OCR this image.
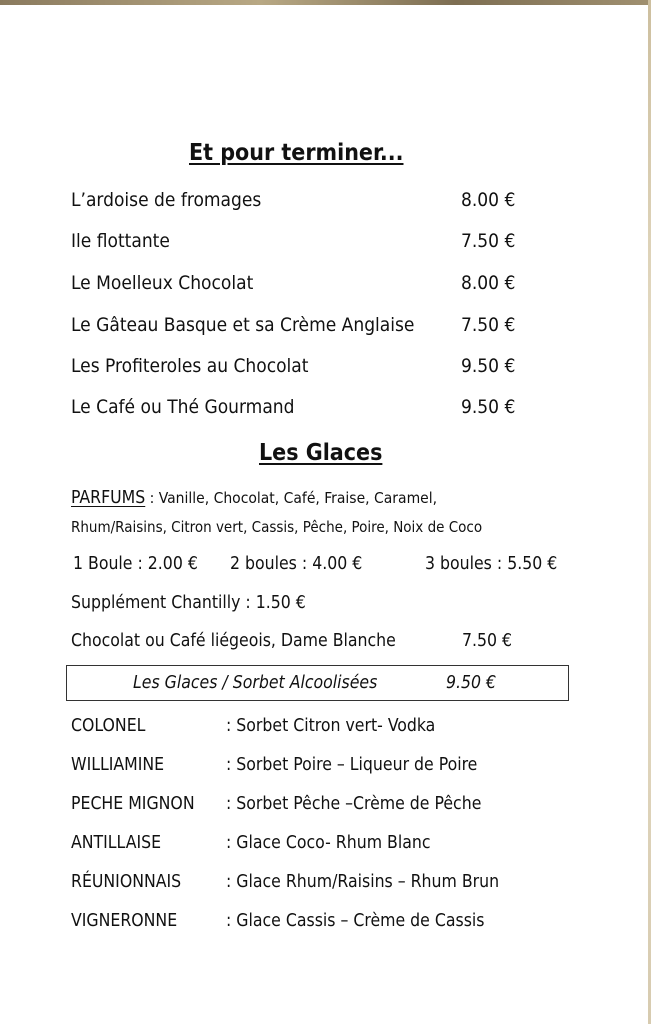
Et pour terminer...
L’ardoise de fromages	8.00 €
Ile flottante	7.50 €
Le Moelleux Chocolat	8.00 €
Le Gâteau Basque et sa Crème Anglaise 7.50 €
Les Profiteroles au Chocolat	9.50 €
Le Café ou Thé Gourmand	9.50 €
Les Glaces
PARFUMS : Vanille, Chocolat, Café, Fraise, Caramel,
Rhum/Raisins, Citron vert, Cassis, Pêche, Poire, Noix de Coco
1 Boule : 2.00 € 2 boules : 4.00 €	3 boules : 5.50 €
Supplément Chantilly : 1.50 €
Chocolat ou Café liégeois, Dame Blanche	7.50 €
Les Glaces / Sorbet Alcoolisées	9.50 €
COLONEL	: Sorbet Citron vert- Vodka
WILLIAMINE	: Sorbet Poire – Liqueur de Poire
PECHE MIGNON : Sorbet Pêche –Crème de Pêche
ANTILLAISE	: Glace Coco- Rhum Blanc
RÉUNIONNAIS	: Glace Rhum/Raisins – Rhum Brun
VIGNERONNE	: Glace Cassis – Crème de Cassis
